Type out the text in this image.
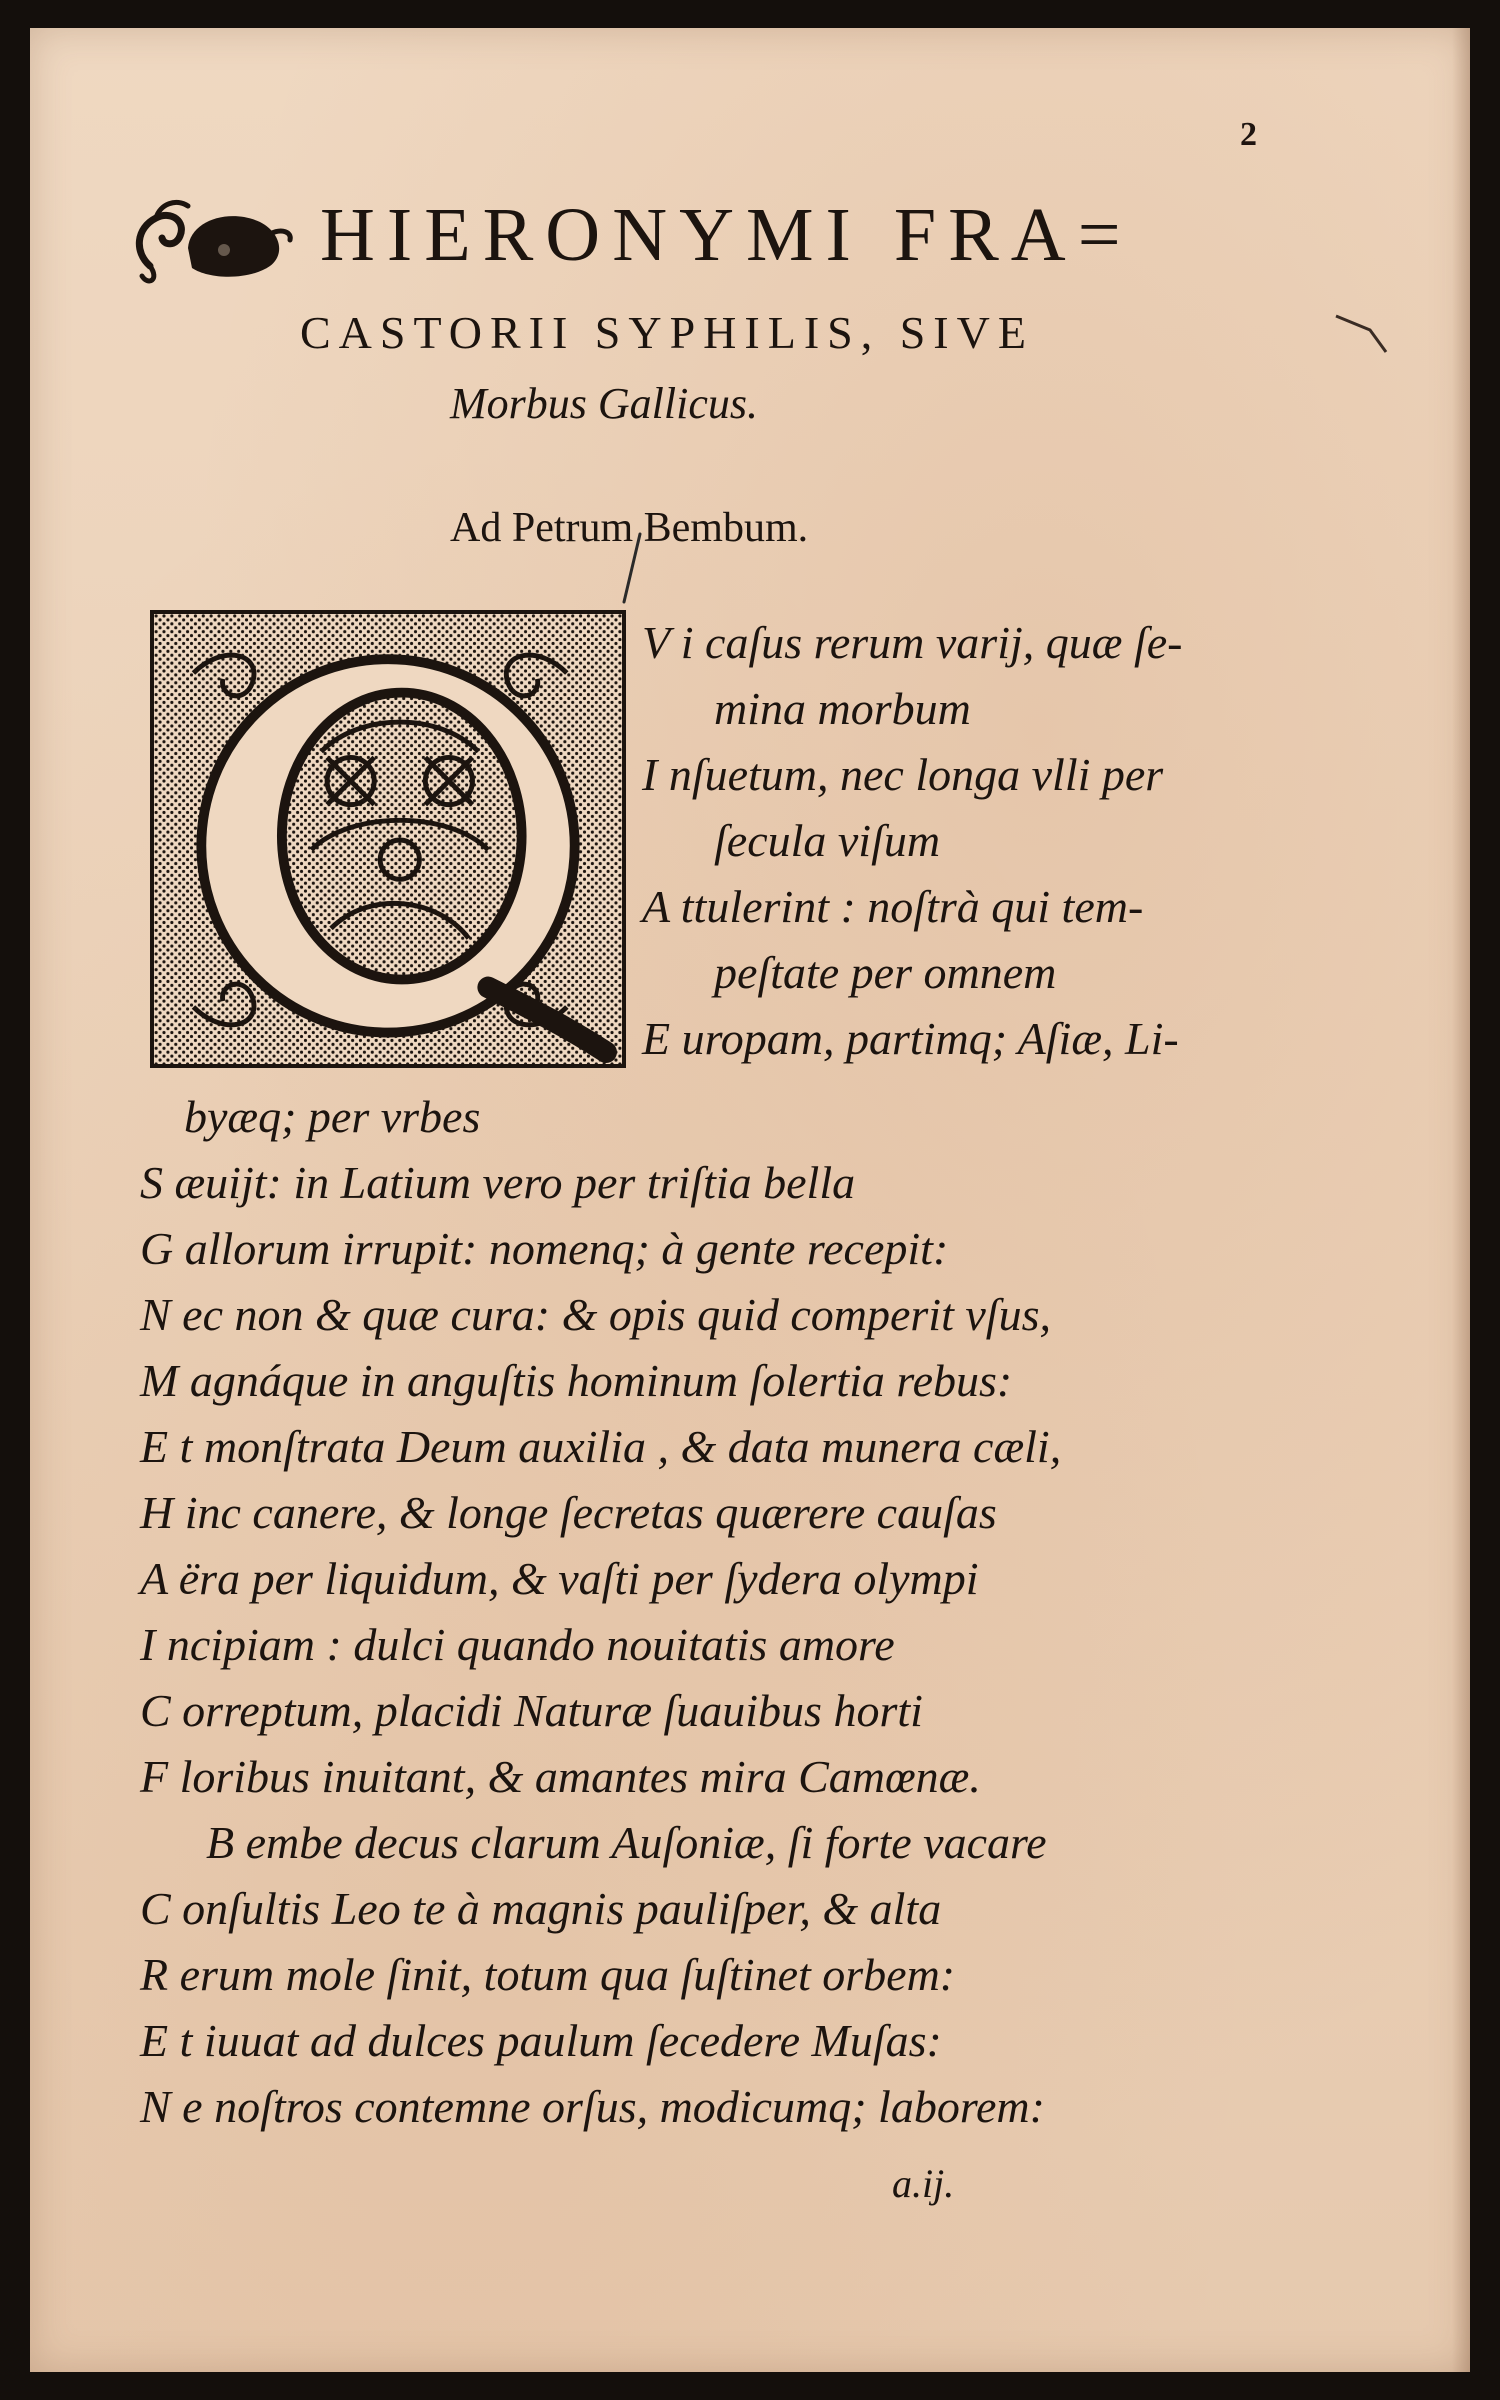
2
HIERONYMI FRA=
CASTORII SYPHILIS, SIVE
Morbus Gallicus.
Ad Petrum Bembum.
V i caſus rerum varij, quæ ſe-
mina morbum
I nſuetum, nec longa vlli per
ſecula viſum
A ttulerint : noſtrà qui tem-
peſtate per omnem
E uropam, partimq; Aſiæ, Li-
byæq; per vrbes
S æuijt: in Latium vero per triſtia bella
G allorum irrupit: nomenq; à gente recepit:
N ec non & quæ cura: & opis quid comperit vſus,
M agnáque in anguſtis hominum ſolertia rebus:
E t monſtrata Deum auxilia , & data munera cæli,
H inc canere, & longe ſecretas quærere cauſas
A ëra per liquidum, & vaſti per ſydera olympi
I ncipiam : dulci quando nouitatis amore
C orreptum, placidi Naturæ ſuauibus horti
F loribus inuitant, & amantes mira Camœnæ.
B embe decus clarum Auſoniæ, ſi forte vacare
C onſultis Leo te à magnis pauliſper, & alta
R erum mole ſinit, totum qua ſuſtinet orbem:
E t iuuat ad dulces paulum ſecedere Muſas:
N e noſtros contemne orſus, modicumq; laborem:
a.ij.
